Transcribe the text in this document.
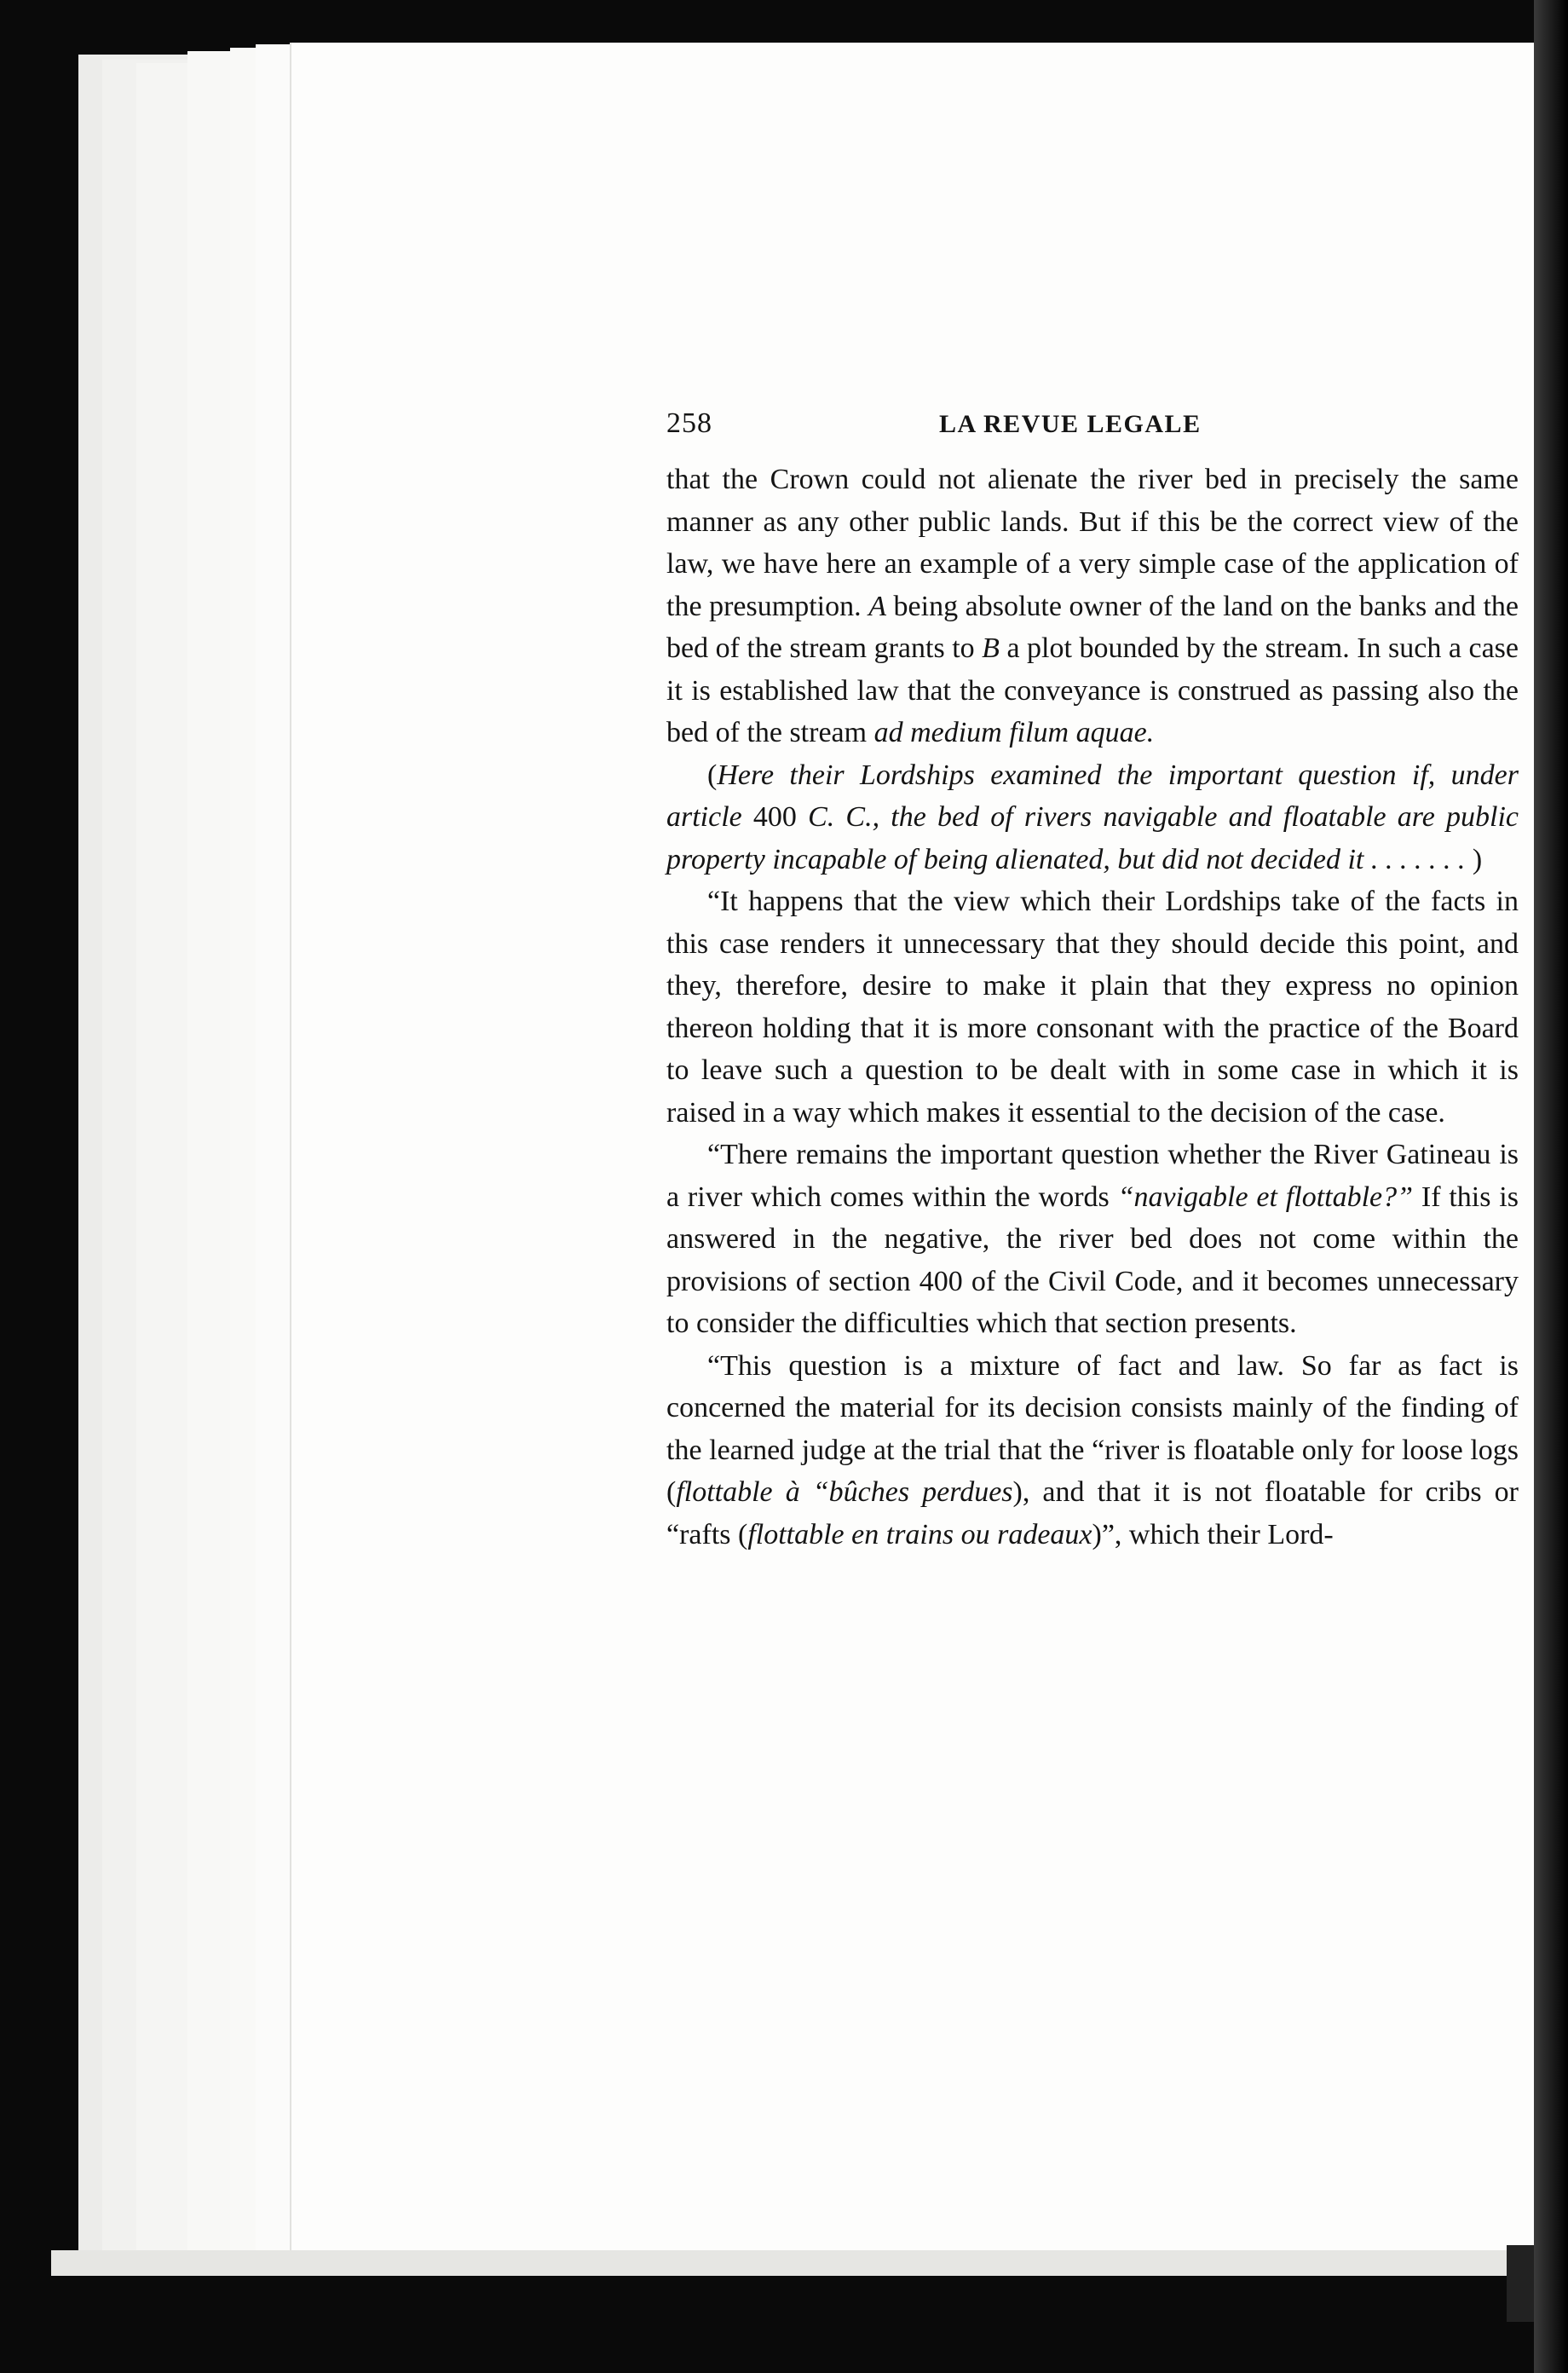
258	LA REVUE LEGALE

that the Crown could not alienate the river bed in precisely the same manner as any other public lands. But if this be the correct view of the law, we have here an example of a very simple case of the application of the presumption. A being absolute owner of the land on the banks and the bed of the stream grants to B a plot bounded by the stream. In such a case it is established law that the conveyance is construed as passing also the bed of the stream ad medium filum aquae.

(Here their Lordships examined the important question if, under article 400 C. C., the bed of rivers navigable and floatable are public property incapable of being alienated, but did not decided it . . . . . . . )

“It happens that the view which their Lordships take of the facts in this case renders it unnecessary that they should decide this point, and they, therefore, desire to make it plain that they express no opinion thereon holding that it is more consonant with the practice of the Board to leave such a question to be dealt with in some case in which it is raised in a way which makes it essential to the decision of the case.

“There remains the important question whether the River Gatineau is a river which comes within the words “navigable et flottable?” If this is answered in the negative, the river bed does not come within the provisions of section 400 of the Civil Code, and it becomes unnecessary to consider the difficulties which that section presents.

“This question is a mixture of fact and law. So far as fact is concerned the material for its decision consists mainly of the finding of the learned judge at the trial that the “river is floatable only for loose logs (flottable à “bûches perdues), and that it is not floatable for cribs or “rafts (flottable en trains ou radeaux)”, which their Lord-
